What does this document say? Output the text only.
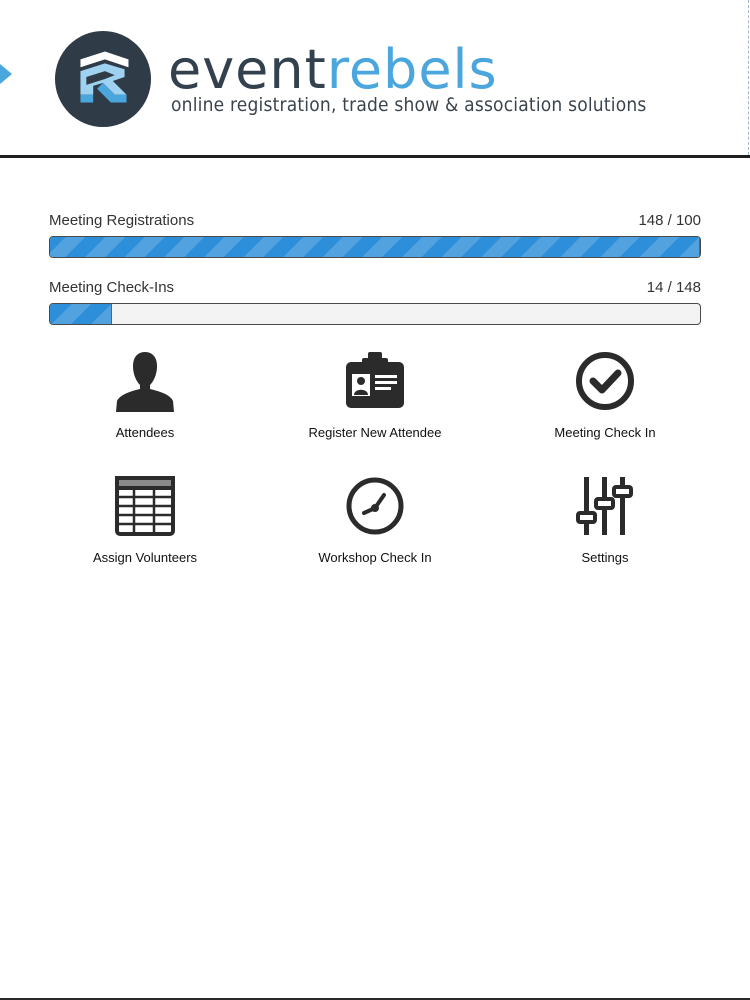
eventrebels
online registration, trade show & association solutions
Meeting Registrations	148 / 100
Meeting Check-Ins	14 / 148
Attendees	Register New Attendee	Meeting Check In
Assign Volunteers	Workshop Check In	Settings
